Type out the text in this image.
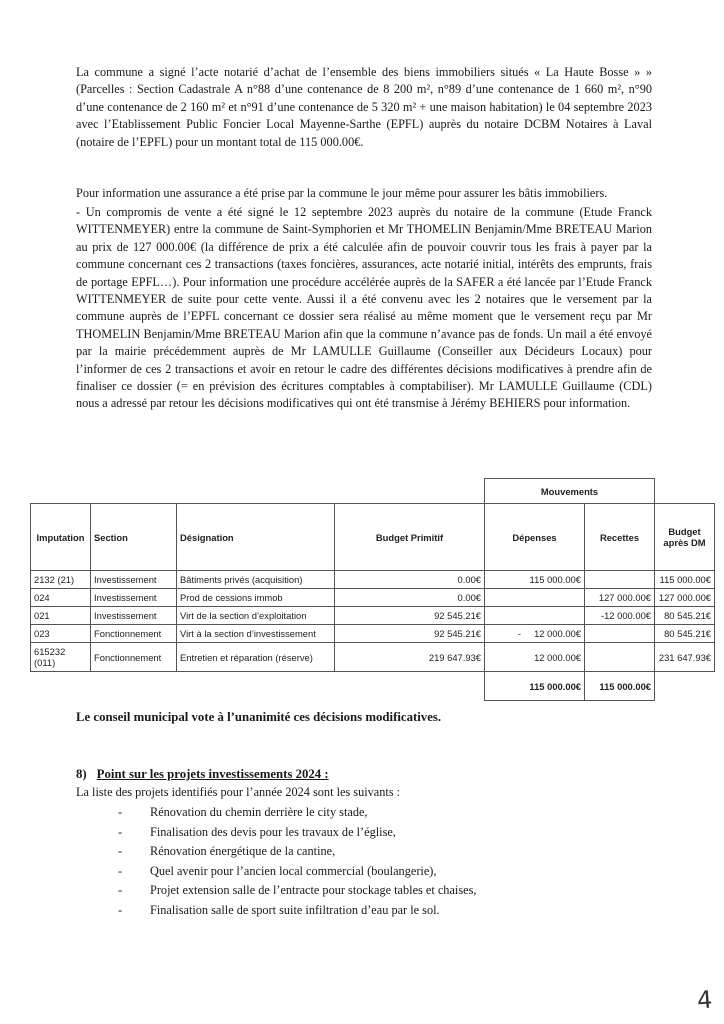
La commune a signé l’acte notarié d’achat de l’ensemble des biens immobiliers situés « La Haute Bosse » » (Parcelles : Section Cadastrale A n°88 d’une contenance de 8 200 m², n°89 d’une contenance de 1 660 m², n°90 d’une contenance de 2 160 m² et n°91 d’une contenance de 5 320 m² + une maison habitation) le 04 septembre 2023 avec l’Etablissement Public Foncier Local Mayenne-Sarthe (EPFL) auprès du notaire DCBM Notaires à Laval (notaire de l’EPFL) pour un montant total de 115 000.00€.

Pour information une assurance a été prise par la commune le jour même pour assurer les bâtis immobiliers.

- Un compromis de vente a été signé le 12 septembre 2023 auprès du notaire de la commune (Etude Franck WITTENMEYER) entre la commune de Saint-Symphorien et Mr THOMELIN Benjamin/Mme BRETEAU Marion au prix de 127 000.00€ (la différence de prix a été calculée afin de pouvoir couvrir tous les frais à payer par la commune concernant ces 2 transactions (taxes foncières, assurances, acte notarié initial, intérêts des emprunts, frais de portage EPFL…). Pour information une procédure accélérée auprès de la SAFER a été lancée par l’Etude Franck WITTENMEYER de suite pour cette vente. Aussi il a été convenu avec les 2 notaires que le versement par la commune auprès de l’EPFL concernant ce dossier sera réalisé au même moment que le versement reçu par Mr THOMELIN Benjamin/Mme BRETEAU Marion afin que la commune n’avance pas de fonds. Un mail a été envoyé par la mairie précédemment auprès de Mr LAMULLE Guillaume (Conseiller aux Décideurs Locaux) pour l’informer de ces 2 transactions et avoir en retour le cadre des différentes décisions modificatives à prendre afin de finaliser ce dossier (= en prévision des écritures comptables à comptabiliser). Mr LAMULLE Guillaume (CDL) nous a adressé par retour les décisions modificatives qui ont été transmise à Jérémy BEHIERS pour information.

				Mouvements		
Imputation	Section	Désignation	Budget Primitif	Dépenses	Recettes	Budget après DM
2132 (21)	Investissement	Bâtiments privés (acquisition)	0.00€	115 000.00€		115 000.00€
024	Investissement	Prod de cessions immob	0.00€		127 000.00€	127 000.00€
021	Investissement	Virt de la section d’exploitation	92 545.21€		-12 000.00€	80 545.21€
023	Fonctionnement	Virt à la section d’investissement	92 545.21€	-     12 000.00€		80 545.21€
615232 (011)	Fonctionnement	Entretien et réparation (réserve)	219 647.93€	12 000.00€		231 647.93€
				115 000.00€	115 000.00€	

Le conseil municipal vote à l’unanimité ces décisions modificatives.

8) Point sur les projets investissements 2024 :

La liste des projets identifiés pour l’année 2024 sont les suivants :

- Rénovation du chemin derrière le city stade,
- Finalisation des devis pour les travaux de l’église,
- Rénovation énergétique de la cantine,
- Quel avenir pour l’ancien local commercial (boulangerie),
- Projet extension salle de l’entracte pour stockage tables et chaises,
- Finalisation salle de sport suite infiltration d’eau par le sol.

4
